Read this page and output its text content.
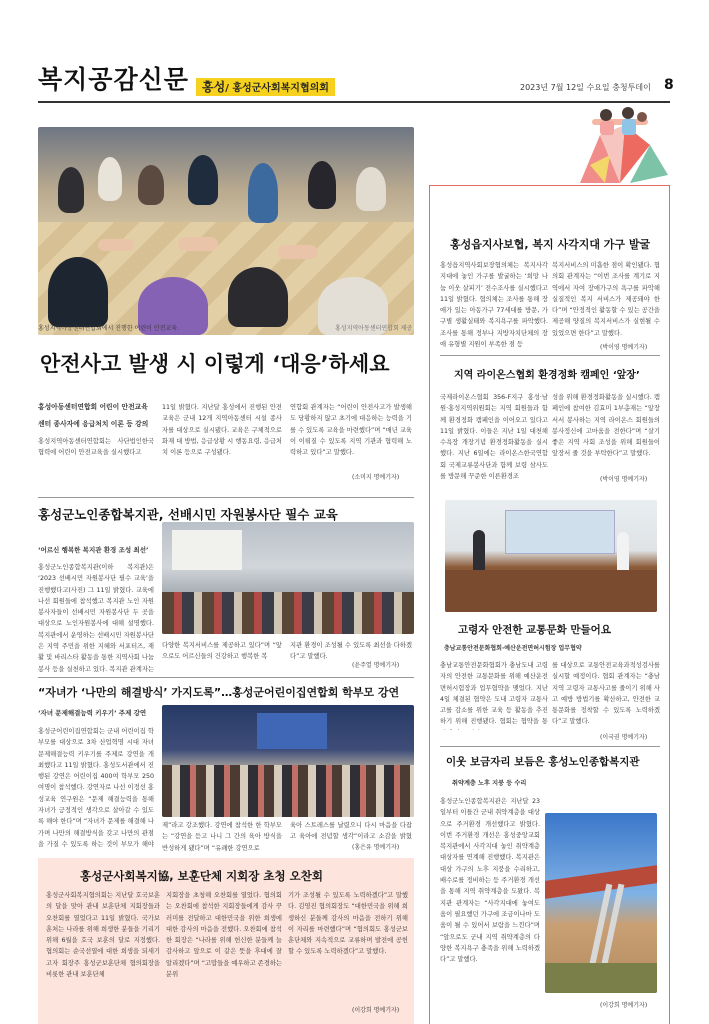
복지공감신문	홍성/ 홍성군사회복지협의회	2023년 7월 12일 수요일 충청투데이 8
홍성지역아동센터연합회에서 진행한 어린이 안전교육.	홍성지역아동센터연합회 제공
안전사고 발생 시 이렇게 ‘대응’하세요
홍성아동센터연합회 어린이 안전교육
센터 종사자에 응급처치 이론 등 강의
홍성지역아동센터연합회는 사단법인한국 협력에 어린이 안전교육을 실시했다고
11일 밝혔다. 지난달 홍성에서 진행된 안전교육은 군내 12개 지역아동센터 시설 종사자를 대상으로 실시됐다. 교육은 구체적으로 화재 대 방법, 응급상황 시 행동요령, 응급처치 이론 등으로 구성됐다.
연합회 관계자는 “어린이 안전사고가 발생해도 당황하지 않고 초기에 대응하는 능력을 기를 수 있도록 교육을 마련했다”며 “매년 교육이 이뤄질 수 있도록 지역 기관과 협력해 노력하고 있다”고 말했다.
(소미지 명예기자)
홍성군노인종합복지관, 선배시민 자원봉사단 필수 교육
‘어르신 행복한 복지관 환경 조성 최선’
홍성군노인종합복지관(이하 복지관)은 ‘2023 선배시민 자원봉사단 필수 교육’을 진행했다고(사진) 그 11일 밝혔다. 교육에 나선 회원들에 참석했고 복지관 노인 자원봉사자들이 선배시민 자원봉사단 두 곳을 대상으로 노인자원봉사에 대해 설명했다. 복지관에서 운영하는 선배시민 자원봉사단은 지역 주민을 위한 지혜와 서포터즈, 재활 및 바리스타 활동을 통한 지역사회 나눔 봉사 등을 실천하고 있다. 복지관 관계자는
다양한 복지서비스를 제공하고 있다”며 “앞으로도 어르신들의 건강하고 행복한 복
지관 환경이 조성될 수 있도록 최선을 다하겠다”고 말했다.
(윤주열 명예기자)
“자녀가 ‘나만의 해결방식’ 가지도록”…홍성군어린이집연합회 학부모 강연
‘자녀 문제해결능력 키우기’ 주제 강연
홍성군어린이집연합회는 군내 어린이집 학부모를 대상으로 3차 산업혁명 시대 자녀 문제해결능력 키우기를 주제로 강연을 개최했다고 11일 밝혔다. 홍성도서관에서 진행된 강연은 어린이집 400여 학부모 250여명이 참석했다. 강연자로 나선 이정선 홍성교육 연구원은 “문제 해결능력을 통해 자녀가 긍정적인 생각으로 살아갈 수 있도록 해야 한다”며 “자녀가 문제를 해결해 나가며 나만의 해결방식을 갖고 나만의 관점을 가질 수 있도록 하는 것이 부모가 해야
제”라고 강조했다. 강연에 참석한 한 학부모는 “강연을 듣고 나니 그 간의 육아 방식을 반성하게 됐다”며 “유쾌한 강연으로
육아 스트레스를 날렸으니 다시 마음을 다잡고 육아에 전념할 생각”이라고 소감을 밝혔
(홍은유 명예기자)
홍성군사회복지協, 보훈단체 지회장 초청 오찬회
홍성군사회복지협의회는 지난달 호국보훈의 달을 맞아 관내 보훈단체 지회장들과 오찬회를 열었다고 11일 밝혔다. 국가보훈처는 나라를 위해 희생한 분들을 기리기 위해 6월을 호국 보훈의 달로 지정했다. 협의회는 순국선열에 대한 희생을 되새기고자 회장주 홍성군보훈단체 협의회장을 비롯한 관내 보훈단체
지회장을 초청해 오찬회를 열었다. 협의회는 오찬회에 참석한 지회장들에게 감사 꾸러미를 전달하고 대한민국을 위한 희생에 대한 감사의 마음을 전했다. 오찬회에 참석한 회장은 “나라를 위해 헌신한 분들께 늘 감사하고 앞으로 이 같은 뜻을 후대에 잘 알리겠다”며 “고맙들을 예우하고 존경하는 분위
기가 조성될 수 있도록 노력하겠다”고 말했다. 김영진 협의회장도 “대한민국을 위해 희생하신 분들께 감사의 마음을 전하기 위해 이 자리를 마련했다”며 “협의회도 홍성군보훈단체와 지속적으로 교류하며 발전에 공헌할 수 있도록 노력하겠다”고 말했다.
(이강희 명예기자)
홍성읍지사보협, 복지 사각지대 가구 발굴
홍성읍지역사회보장협의체는 복지사각지대에 놓인 가구를 발굴하는 ‘희망 나눔 이웃 살피기’ 전수조사를 실시했다고 11일 밝혔다. 협의체는 조사를 통해 장애가 있는 아동가구 77세대를 방문, 가구별 생활실태와 복지욕구를 파악했다. 조사를 통해 정부나 지방자치단체의 장애 유형별 지원이 부족한 점 등
복지서비스의 미흡한 점이 확인됐다. 협의회 관계자는 “이번 조사를 계기로 지역에서 자여 장애가구의 욕구를 파악해 실질적인 복지 서비스가 제공돼야 한다”며 “안정적인 활동할 수 있는 공간을 제공해 양질의 복지서비스가 실현될 수 있었으면 한다”고 말했다.
(박이영 명예기자)
지역 라이온스협회 환경정화 캠페인 ‘앞장’
국제라이온스협회 356-F지구 홍성·남원·홍성지역위원회는 지역 회원들과 함께 환경정화 캠페인을 이어오고 있다고 11일 밝혔다. 이들은 지난 1일 대천해수욕장 개장기념 환경정화활동을 실시했다. 지난 6일에는 라이온스한국연합회 국제교류봉사단과 함께 보령 삼사도를 방문해 꾸준한 이른환경조
성을 위해 환경정화활동을 실시했다. 캠페인에 참여한 김효미 1부총재는 “앞장서서 봉사하는 지역 라이온스 회원들의 봉사정신에 고마움을 전한다”며 “살기 좋은 지역 사회 조성을 위해 회원들이 앞장서 줄 것을 부탁한다”고 말했다.
(박이영 명예기자)
고령자 안전한 교통문화 만들어요
충남교통안전문화협회·예산운전면허시험장 업무협약
충남교통안전문화협회가 충남도내 고령자의 안전한 교통문화를 위해 예산운전면허시험장과 업무협약을 맺었다. 지난 4일 체결된 협약은 도내 고령자 교통사고를 감소를 위한 교육 등 활동을 추진하기 위해 진행됐다. 협회는 협약을 통
를 대상으로 교통안전교육과적성검사를 실시할 예정이다. 협회 관계자는 “충남지역 고령자 교통사고를 줄이기 위해 사고 예방 방법기를 확산하고, 안전한 교통문화를 정착할 수 있도록 노력하겠다”고 말했다.
(이국권 명예기자)
이웃 보금자리 보듬은 홍성노인종합복지관
취약계층 노후 지붕 등 수리
홍성군노인종합복지관은 지난달 23일부터 이틀간 군내 취약계층을 대상으로 주거환경 개선했다고 밝혔다. 이번 주거환경 개선은 홍성중앙교회 복지관에서 사각지대 놓인 취약계층 대상자를 연계해 진행했다. 복지관은 대상 가구의 노후 지붕을 수리하고, 배수로를 정비하는 등 주거환경 개선을 통해 지역 취약계층을 도왔다. 복지관 관계자는 “사각지대에 놓여도움이 필요했던 가구에 조금이나마 도움이 될 수 있어서 보람을 느낀다”며 “앞으로도 군내 지역 취약계층의 다양한 복지욕구 충족을 위해 노력하겠다”고 말했다.
(이강희 명예기자)
